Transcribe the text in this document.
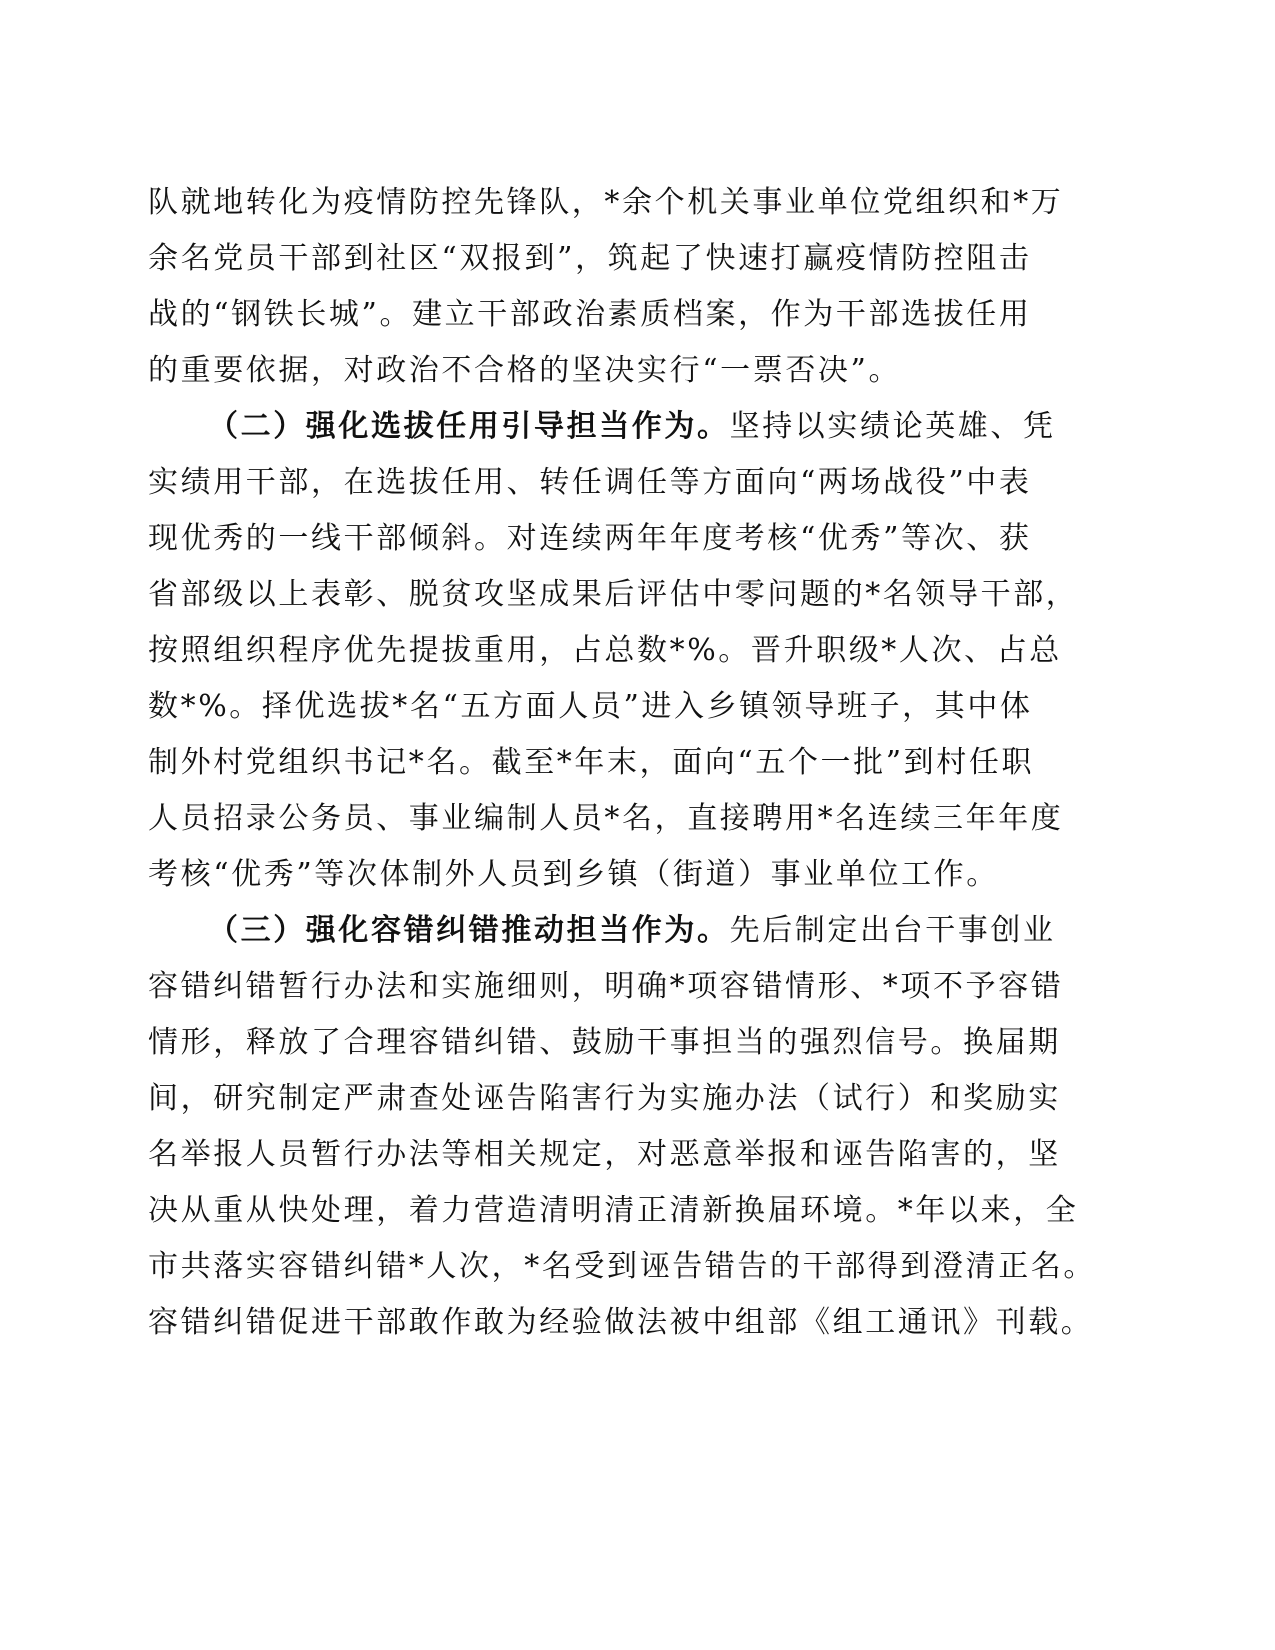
队就地转化为疫情防控先锋队，*余个机关事业单位党组织和*万
余名党员干部到社区“双报到”，筑起了快速打赢疫情防控阻击
战的“钢铁长城”。建立干部政治素质档案，作为干部选拔任用
的重要依据，对政治不合格的坚决实行“一票否决”。
（二）强化选拔任用引导担当作为。坚持以实绩论英雄、凭
实绩用干部，在选拔任用、转任调任等方面向“两场战役”中表
现优秀的一线干部倾斜。对连续两年年度考核“优秀”等次、获
省部级以上表彰、脱贫攻坚成果后评估中零问题的*名领导干部，
按照组织程序优先提拔重用，占总数*%。晋升职级*人次、占总
数*%。择优选拔*名“五方面人员”进入乡镇领导班子，其中体
制外村党组织书记*名。截至*年末，面向“五个一批”到村任职
人员招录公务员、事业编制人员*名，直接聘用*名连续三年年度
考核“优秀”等次体制外人员到乡镇（街道）事业单位工作。
（三）强化容错纠错推动担当作为。先后制定出台干事创业
容错纠错暂行办法和实施细则，明确*项容错情形、*项不予容错
情形，释放了合理容错纠错、鼓励干事担当的强烈信号。换届期
间，研究制定严肃查处诬告陷害行为实施办法（试行）和奖励实
名举报人员暂行办法等相关规定，对恶意举报和诬告陷害的，坚
决从重从快处理，着力营造清明清正清新换届环境。*年以来，全
市共落实容错纠错*人次，*名受到诬告错告的干部得到澄清正名。
容错纠错促进干部敢作敢为经验做法被中组部《组工通讯》刊载。
